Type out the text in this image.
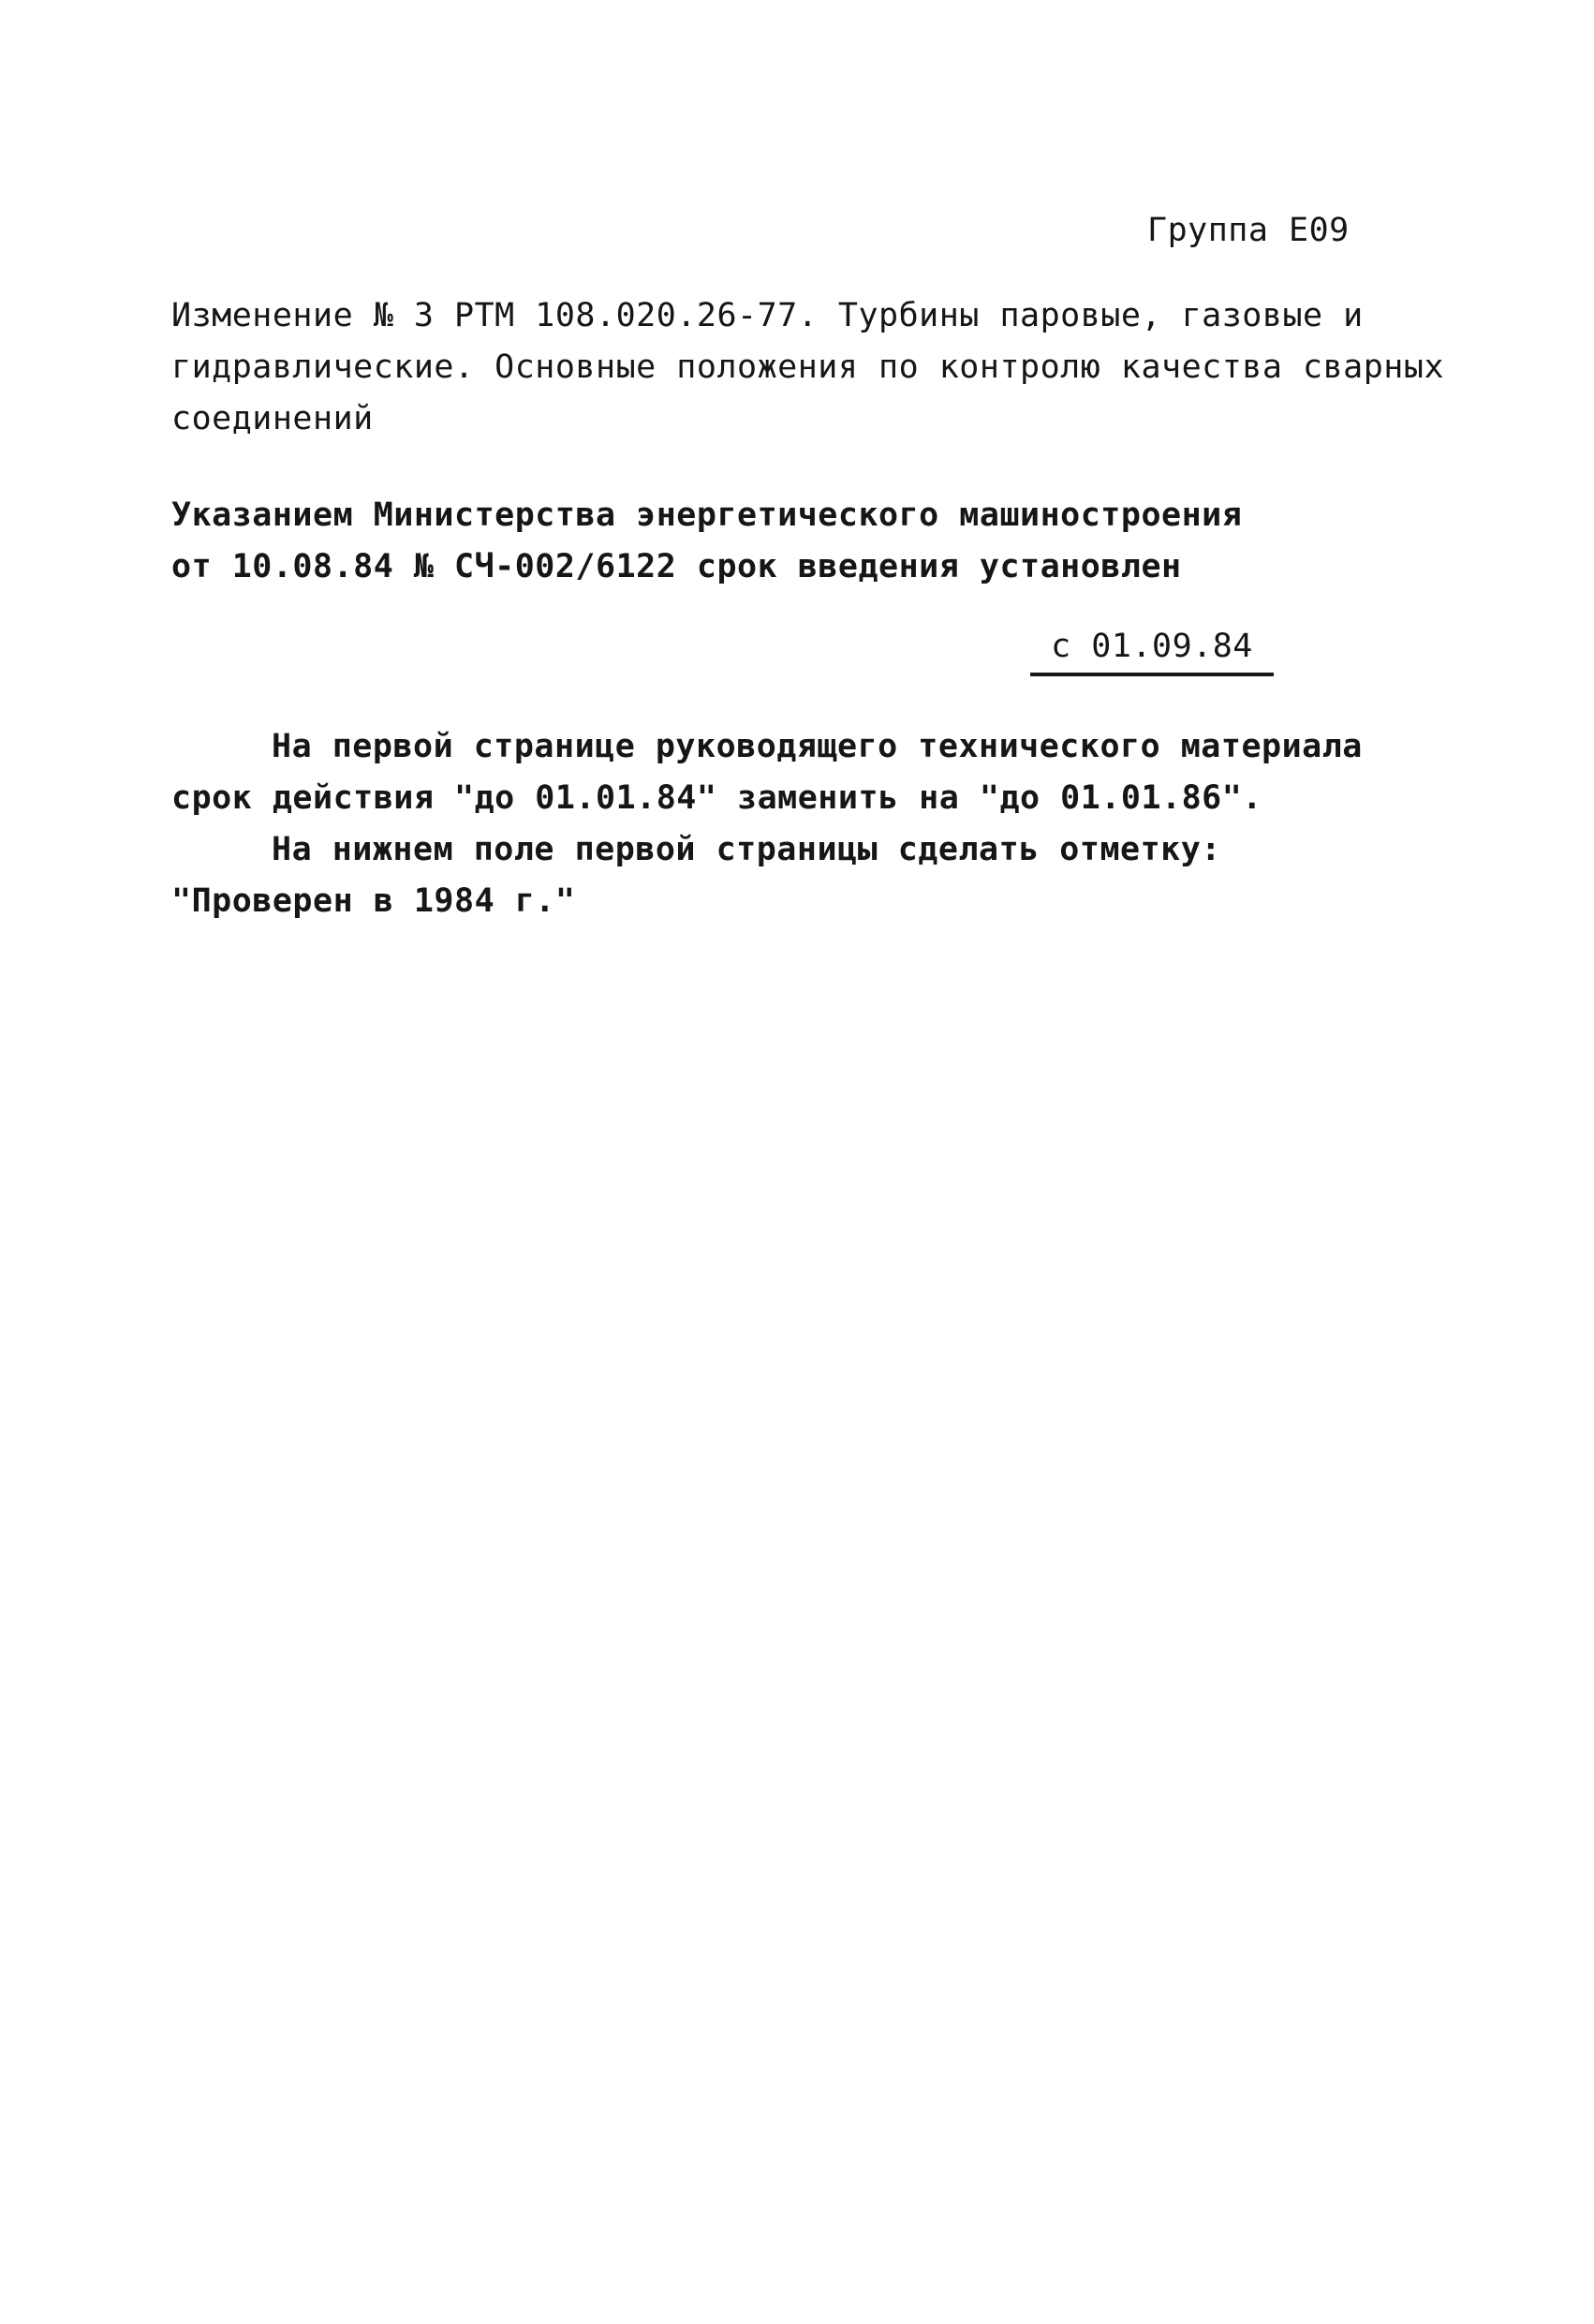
Группа Е09
Изменение № 3 РТМ 108.020.26-77. Турбины паровые, газовые и
гидравлические. Основные положения по контролю качества сварных
соединений
Указанием Министерства энергетического машиностроения
от 10.08.84 № СЧ-002/6122 срок введения установлен
с 01.09.84
На первой странице руководящего технического материала
срок действия "до 01.01.84" заменить на "до 01.01.86".
На нижнем поле первой страницы сделать отметку:
"Проверен в 1984 г."
